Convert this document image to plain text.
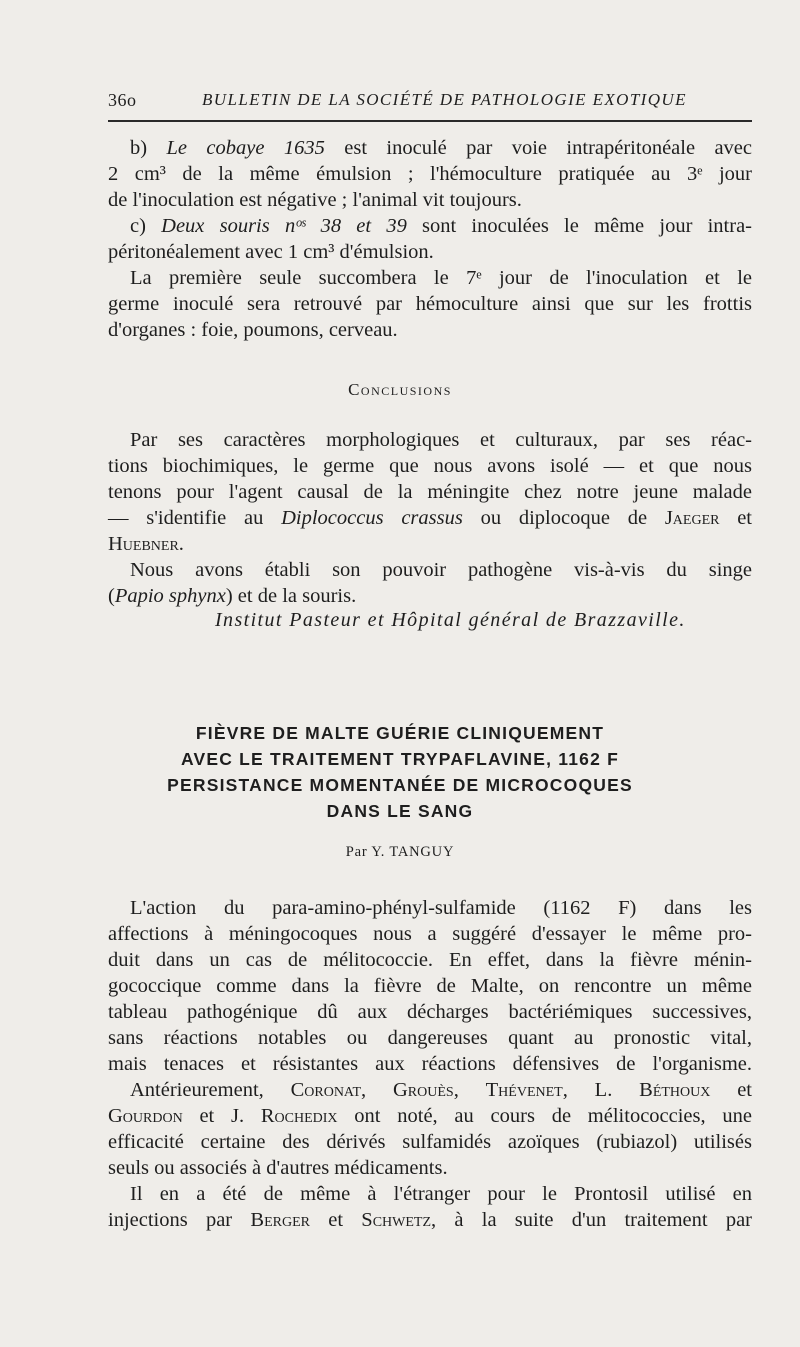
36o	BULLETIN DE LA SOCIÉTÉ DE PATHOLOGIE EXOTIQUE
b) Le cobaye 1635 est inoculé par voie intrapéritonéale avec
2 cm³ de la même émulsion ; l'hémoculture pratiquée au 3ᵉ jour
de l'inoculation est négative ; l'animal vit toujours.
c) Deux souris nᵒˢ 38 et 39 sont inoculées le même jour intra-
péritonéalement avec 1 cm³ d'émulsion.
La première seule succombera le 7ᵉ jour de l'inoculation et le
germe inoculé sera retrouvé par hémoculture ainsi que sur les frottis
d'organes : foie, poumons, cerveau.
Conclusions
Par ses caractères morphologiques et culturaux, par ses réac-
tions biochimiques, le germe que nous avons isolé — et que nous
tenons pour l'agent causal de la méningite chez notre jeune malade
— s'identifie au Diplococcus crassus ou diplocoque de Jaeger et
Huebner.
Nous avons établi son pouvoir pathogène vis-à-vis du singe
(Papio sphynx) et de la souris.
Institut Pasteur et Hôpital général de Brazzaville.
FIÈVRE DE MALTE GUÉRIE CLINIQUEMENT
AVEC LE TRAITEMENT TRYPAFLAVINE, 1162 F
PERSISTANCE MOMENTANÉE DE MICROCOQUES
DANS LE SANG
Par Y. TANGUY
L'action du para-amino-phényl-sulfamide (1162 F) dans les
affections à méningocoques nous a suggéré d'essayer le même pro-
duit dans un cas de mélitococcie. En effet, dans la fièvre ménin-
gococcique comme dans la fièvre de Malte, on rencontre un même
tableau pathogénique dû aux décharges bactériémiques successives,
sans réactions notables ou dangereuses quant au pronostic vital,
mais tenaces et résistantes aux réactions défensives de l'organisme.
Antérieurement, Coronat, Grouès, Thévenet, L. Béthoux et
Gourdon et J. Rochedix ont noté, au cours de mélitococcies, une
efficacité certaine des dérivés sulfamidés azoïques (rubiazol) utilisés
seuls ou associés à d'autres médicaments.
Il en a été de même à l'étranger pour le Prontosil utilisé en
injections par Berger et Schwetz, à la suite d'un traitement par
